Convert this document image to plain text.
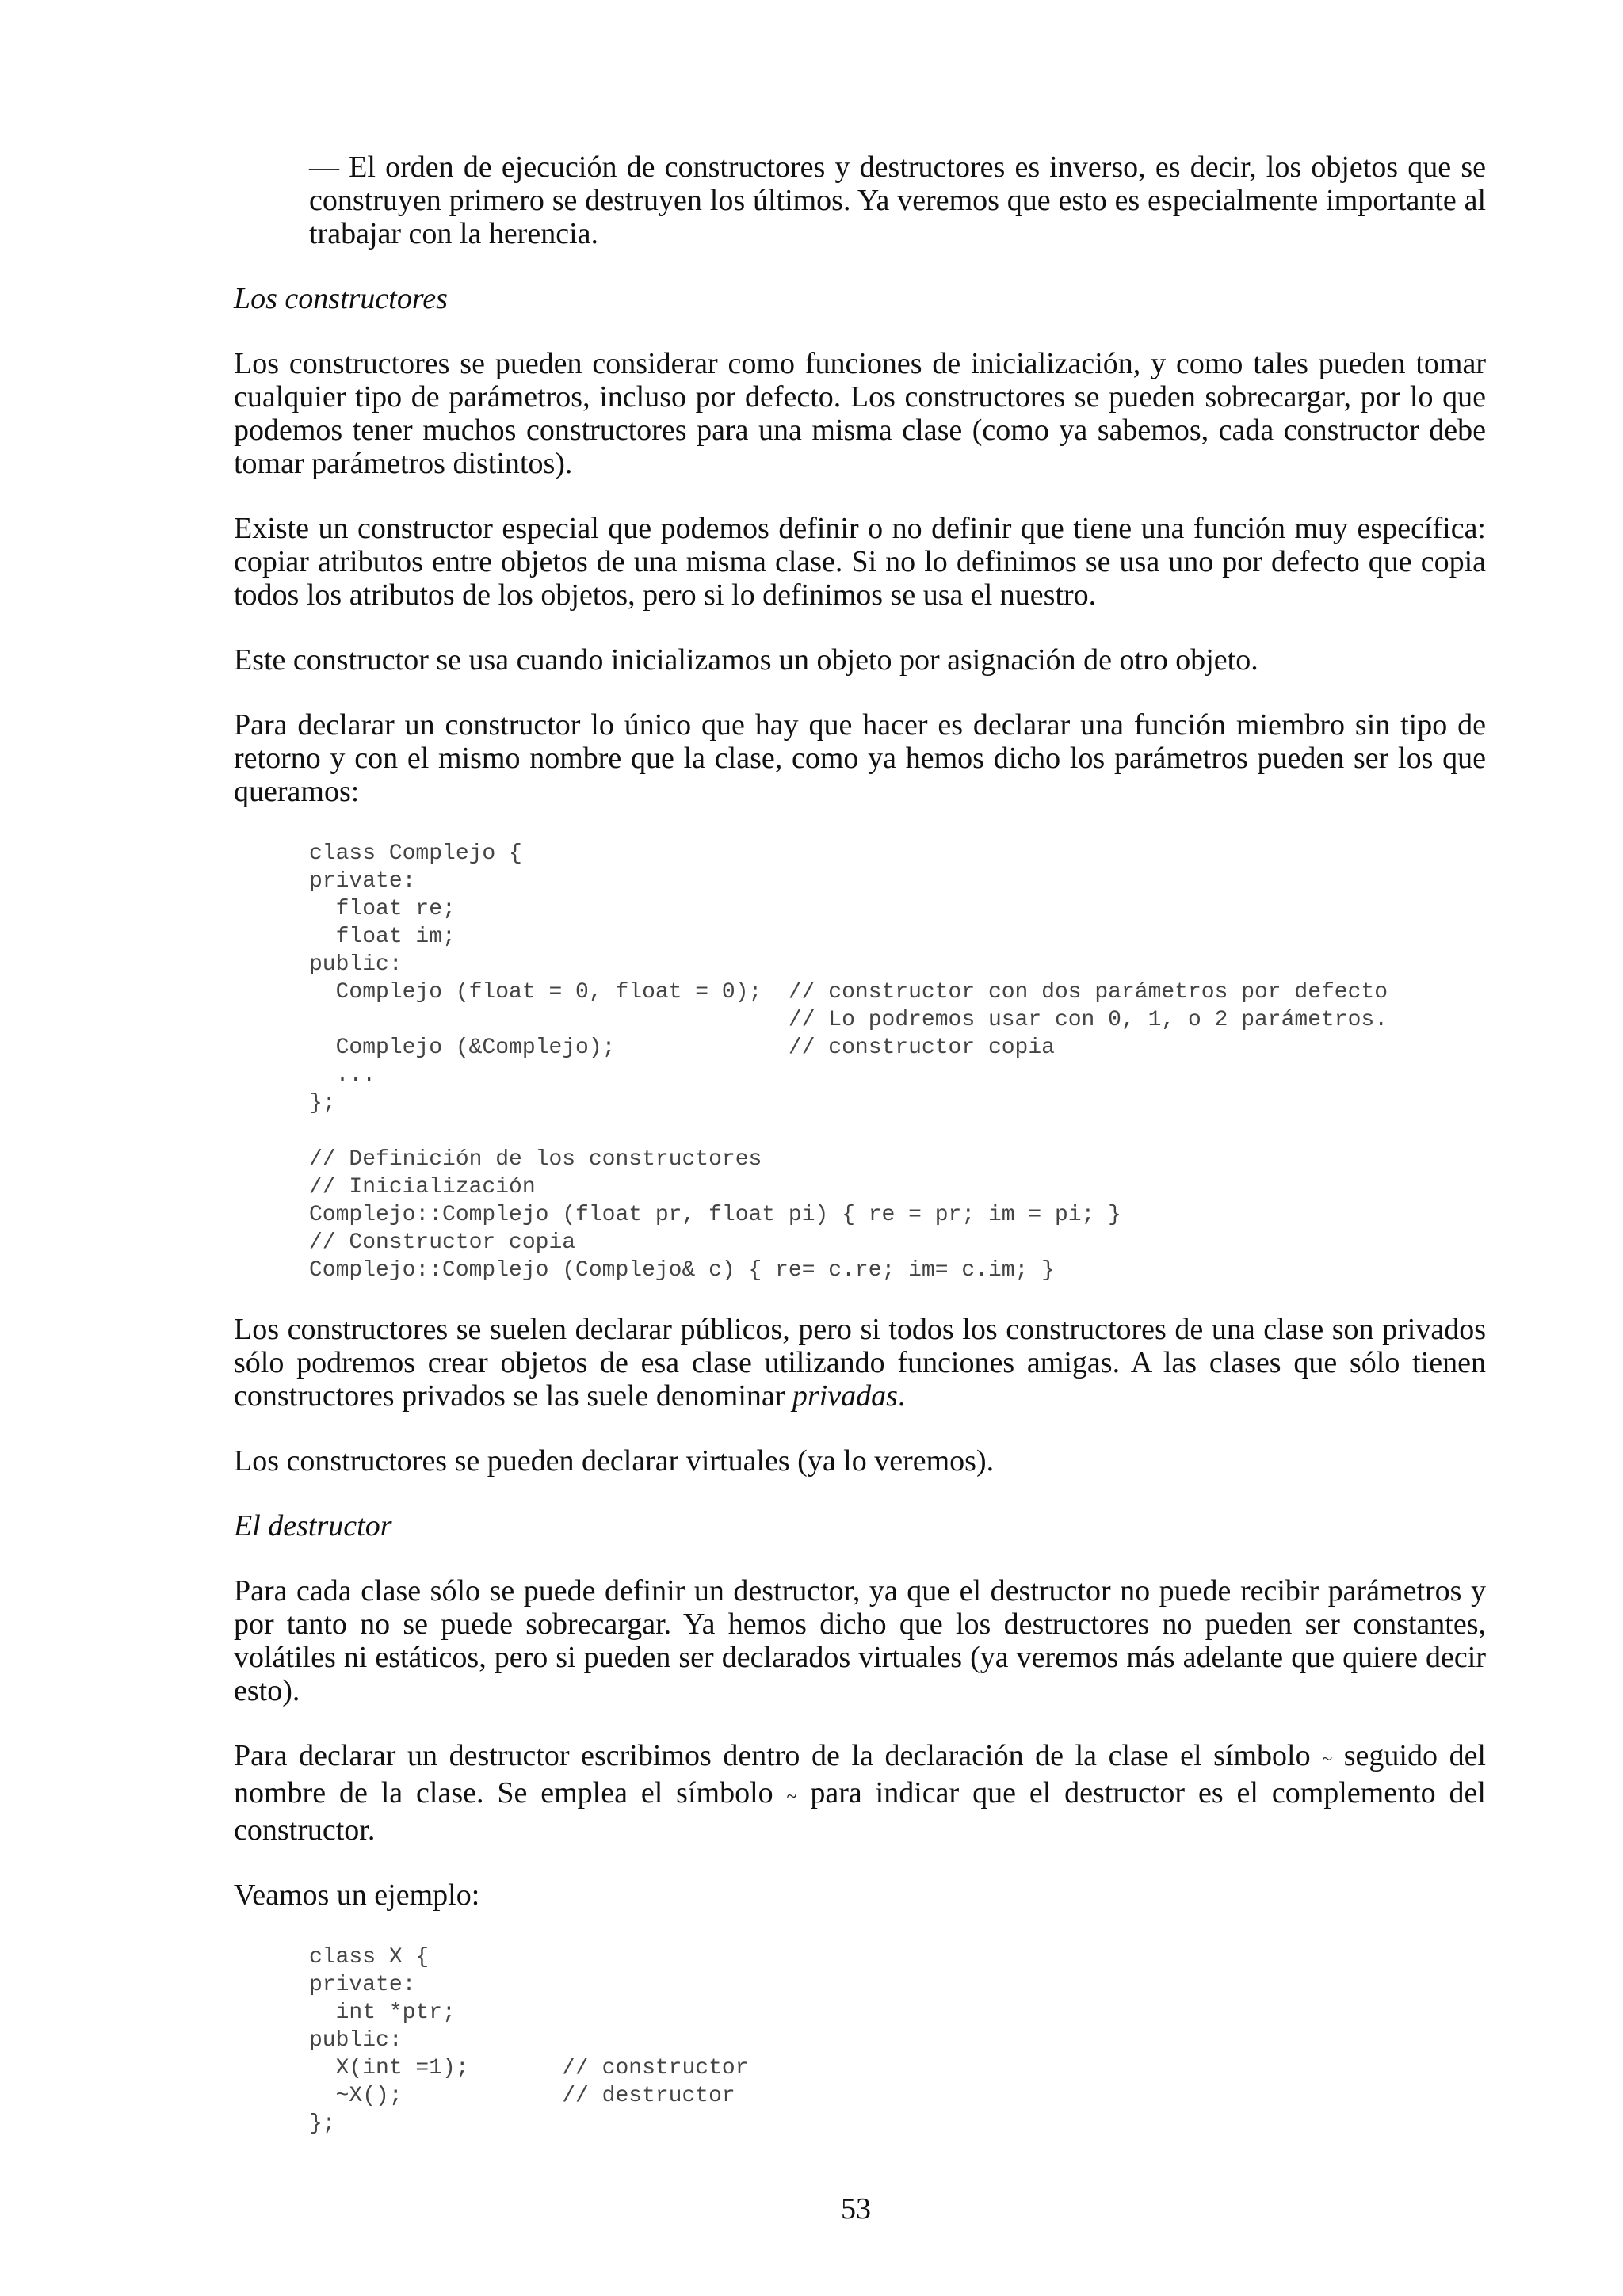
— El orden de ejecución de constructores y destructores es inverso, es decir, los objetos que se construyen primero se destruyen los últimos. Ya veremos que esto es especialmente importante al trabajar con la herencia.

Los constructores

Los constructores se pueden considerar como funciones de inicialización, y como tales pueden tomar cualquier tipo de parámetros, incluso por defecto. Los constructores se pueden sobrecargar, por lo que podemos tener muchos constructores para una misma clase (como ya sabemos, cada constructor debe tomar parámetros distintos).

Existe un constructor especial que podemos definir o no definir que tiene una función muy específica: copiar atributos entre objetos de una misma clase. Si no lo definimos se usa uno por defecto que copia todos los atributos de los objetos, pero si lo definimos se usa el nuestro.

Este constructor se usa cuando inicializamos un objeto por asignación de otro objeto.

Para declarar un constructor lo único que hay que hacer es declarar una función miembro sin tipo de retorno y con el mismo nombre que la clase, como ya hemos dicho los parámetros pueden ser los que queramos:

class Complejo {
private:
float re;
float im;
public:
Complejo (float = 0, float = 0);  // constructor con dos parámetros por defecto
// Lo podremos usar con 0, 1, o 2 parámetros.
Complejo (&Complejo);             // constructor copia
...
};
// Definición de los constructores
// Inicialización
Complejo::Complejo (float pr, float pi) { re = pr; im = pi; }
// Constructor copia
Complejo::Complejo (Complejo& c) { re= c.re; im= c.im; }

Los constructores se suelen declarar públicos, pero si todos los constructores de una clase son privados sólo podremos crear objetos de esa clase utilizando funciones amigas. A las clases que sólo tienen constructores privados se las suele denominar privadas.

Los constructores se pueden declarar virtuales (ya lo veremos).

El destructor

Para cada clase sólo se puede definir un destructor, ya que el destructor no puede recibir parámetros y por tanto no se puede sobrecargar. Ya hemos dicho que los destructores no pueden ser constantes, volátiles ni estáticos, pero si pueden ser declarados virtuales (ya veremos más adelante que quiere decir esto).

Para declarar un destructor escribimos dentro de la declaración de la clase el símbolo ~ seguido del nombre de la clase. Se emplea el símbolo ~ para indicar que el destructor es el complemento del constructor.

Veamos un ejemplo:

class X {
private:
int *ptr;
public:
X(int =1);       // constructor
~X();            // destructor
};
53
